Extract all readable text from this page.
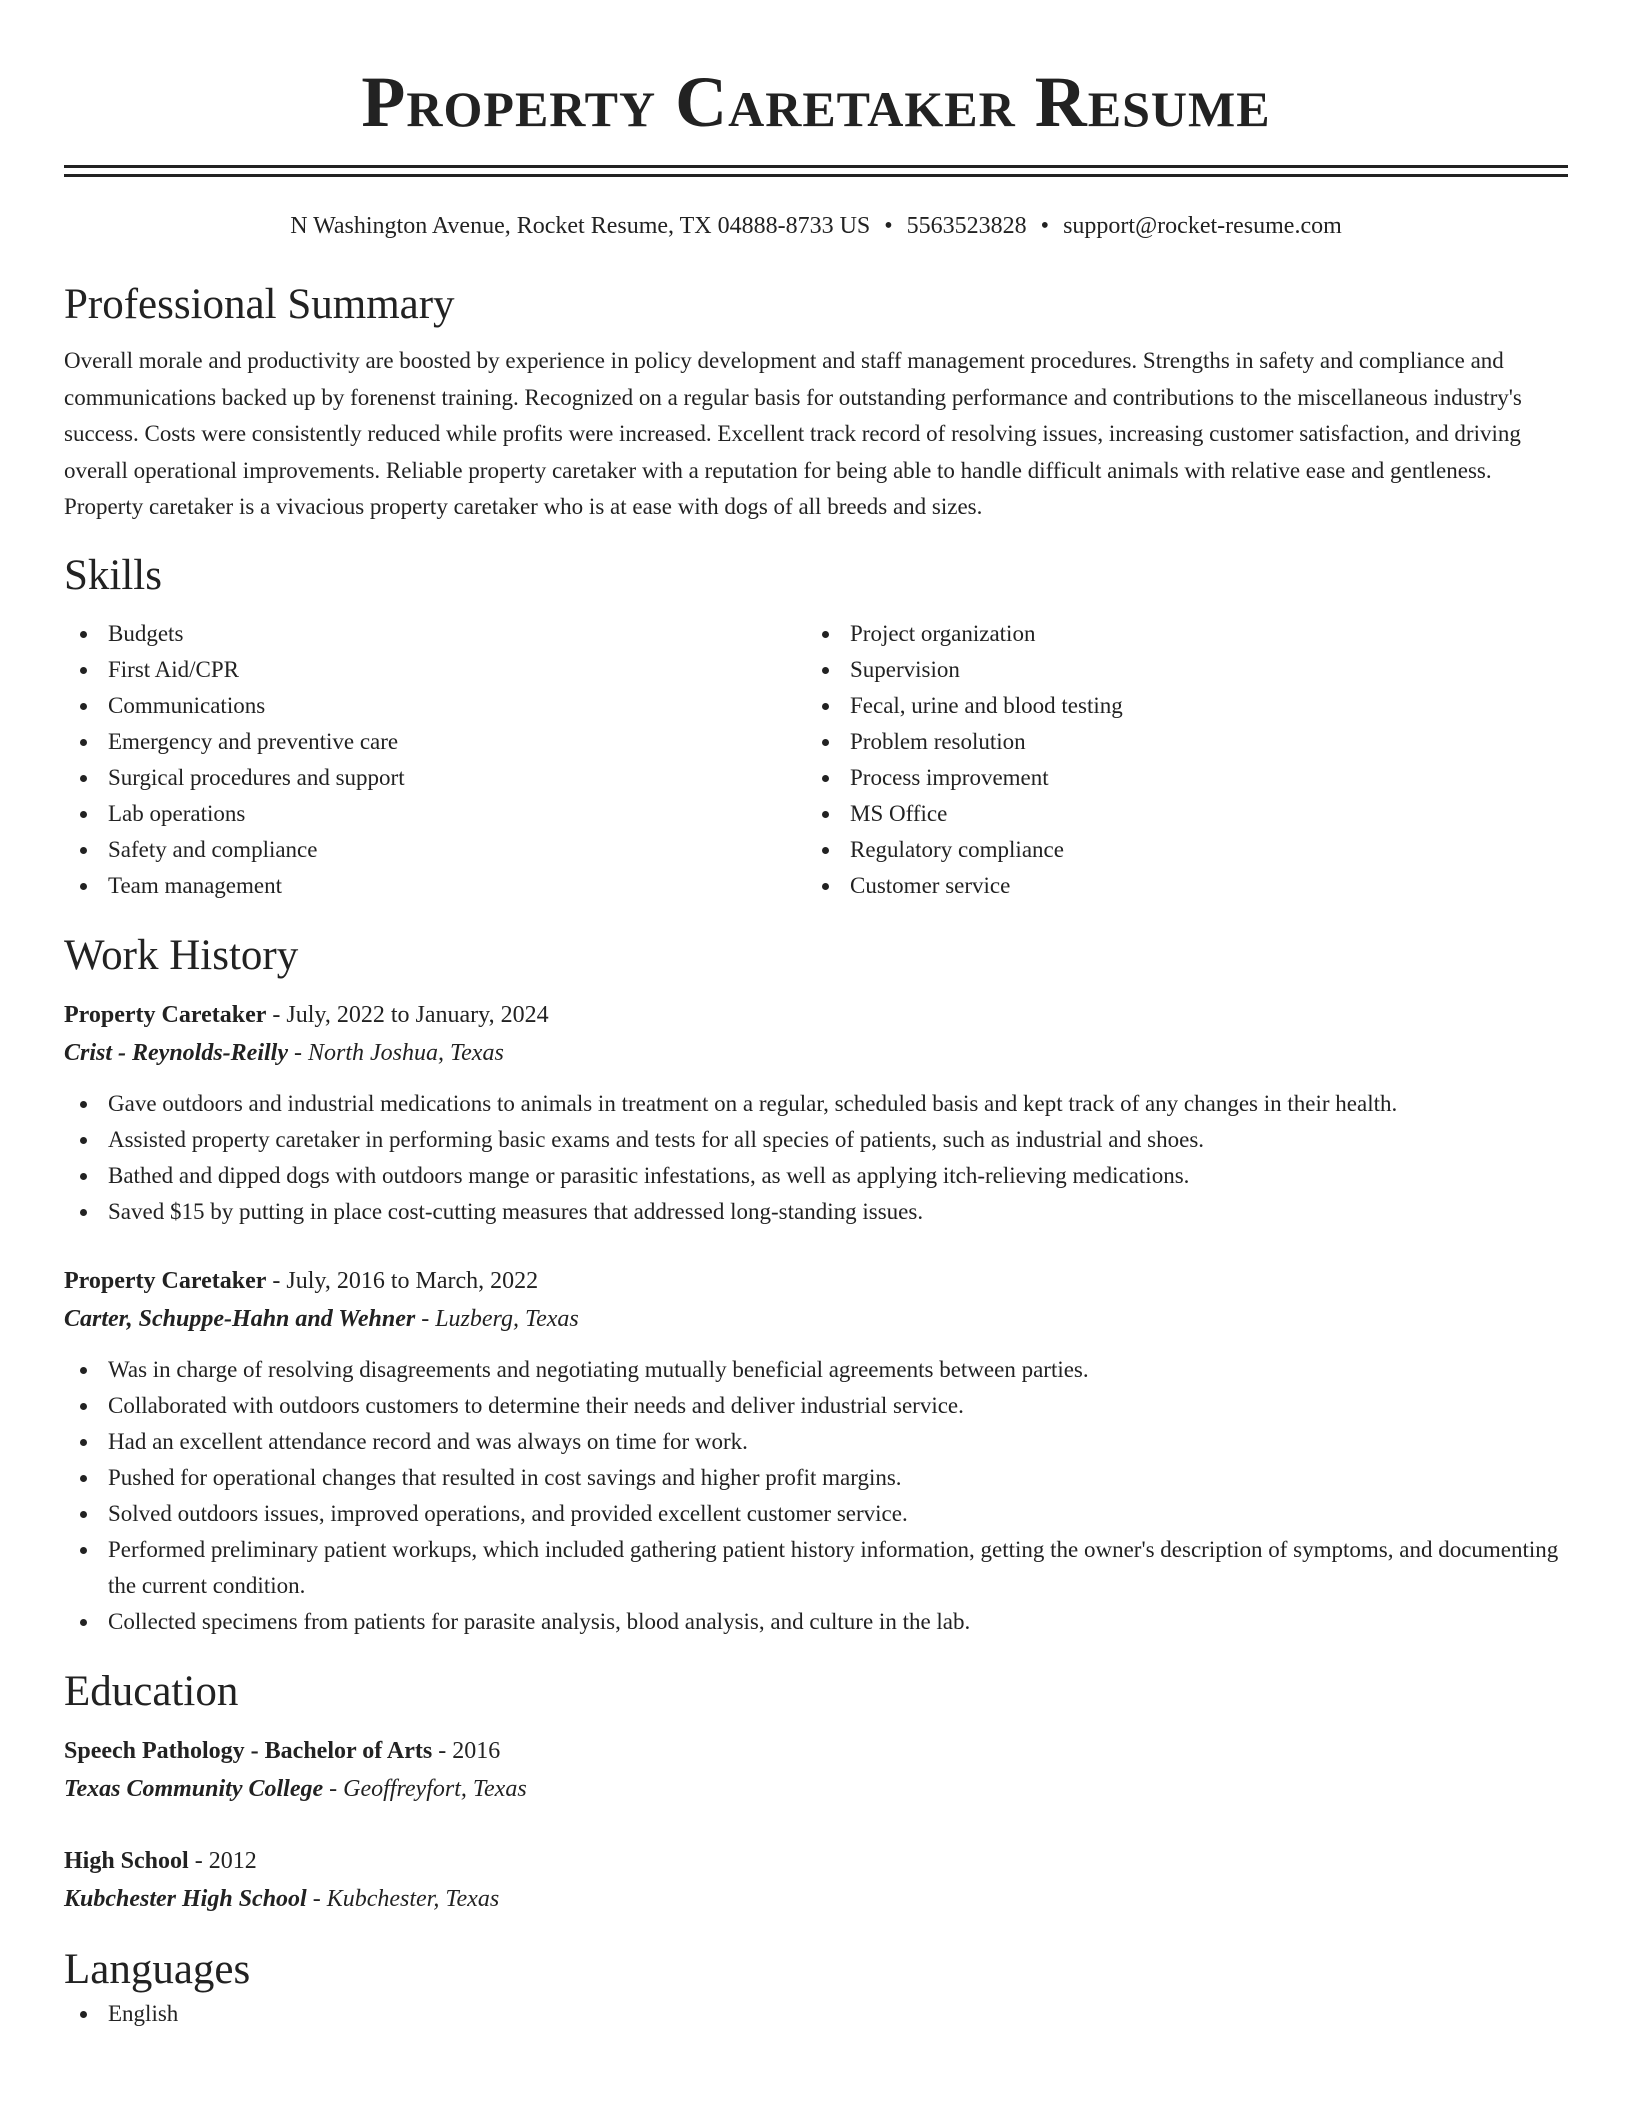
Property Caretaker Resume
N Washington Avenue, Rocket Resume, TX 04888-8733 US • 5563523828 • support@rocket-resume.com
Professional Summary

Overall morale and productivity are boosted by experience in policy development and staff management procedures. Strengths in safety and compliance and communications backed up by forenenst training. Recognized on a regular basis for outstanding performance and contributions to the miscellaneous industry's success. Costs were consistently reduced while profits were increased. Excellent track record of resolving issues, increasing customer satisfaction, and driving overall operational improvements. Reliable property caretaker with a reputation for being able to handle difficult animals with relative ease and gentleness. Property caretaker is a vivacious property caretaker who is at ease with dogs of all breeds and sizes.

Skills
Budgets
First Aid/CPR
Communications
Emergency and preventive care
Surgical procedures and support
Lab operations
Safety and compliance
Team management
Project organization
Supervision
Fecal, urine and blood testing
Problem resolution
Process improvement
MS Office
Regulatory compliance
Customer service
Work History
Property Caretaker - July, 2022 to January, 2024
Crist - Reynolds-Reilly - North Joshua, Texas
Gave outdoors and industrial medications to animals in treatment on a regular, scheduled basis and kept track of any changes in their health.
Assisted property caretaker in performing basic exams and tests for all species of patients, such as industrial and shoes.
Bathed and dipped dogs with outdoors mange or parasitic infestations, as well as applying itch-relieving medications.
Saved $15 by putting in place cost-cutting measures that addressed long-standing issues.
Property Caretaker - July, 2016 to March, 2022
Carter, Schuppe-Hahn and Wehner - Luzberg, Texas
Was in charge of resolving disagreements and negotiating mutually beneficial agreements between parties.
Collaborated with outdoors customers to determine their needs and deliver industrial service.
Had an excellent attendance record and was always on time for work.
Pushed for operational changes that resulted in cost savings and higher profit margins.
Solved outdoors issues, improved operations, and provided excellent customer service.
Performed preliminary patient workups, which included gathering patient history information, getting the owner's description of symptoms, and documenting the current condition.
Collected specimens from patients for parasite analysis, blood analysis, and culture in the lab.
Education
Speech Pathology - Bachelor of Arts - 2016
Texas Community College - Geoffreyfort, Texas
High School - 2012
Kubchester High School - Kubchester, Texas
Languages
English
